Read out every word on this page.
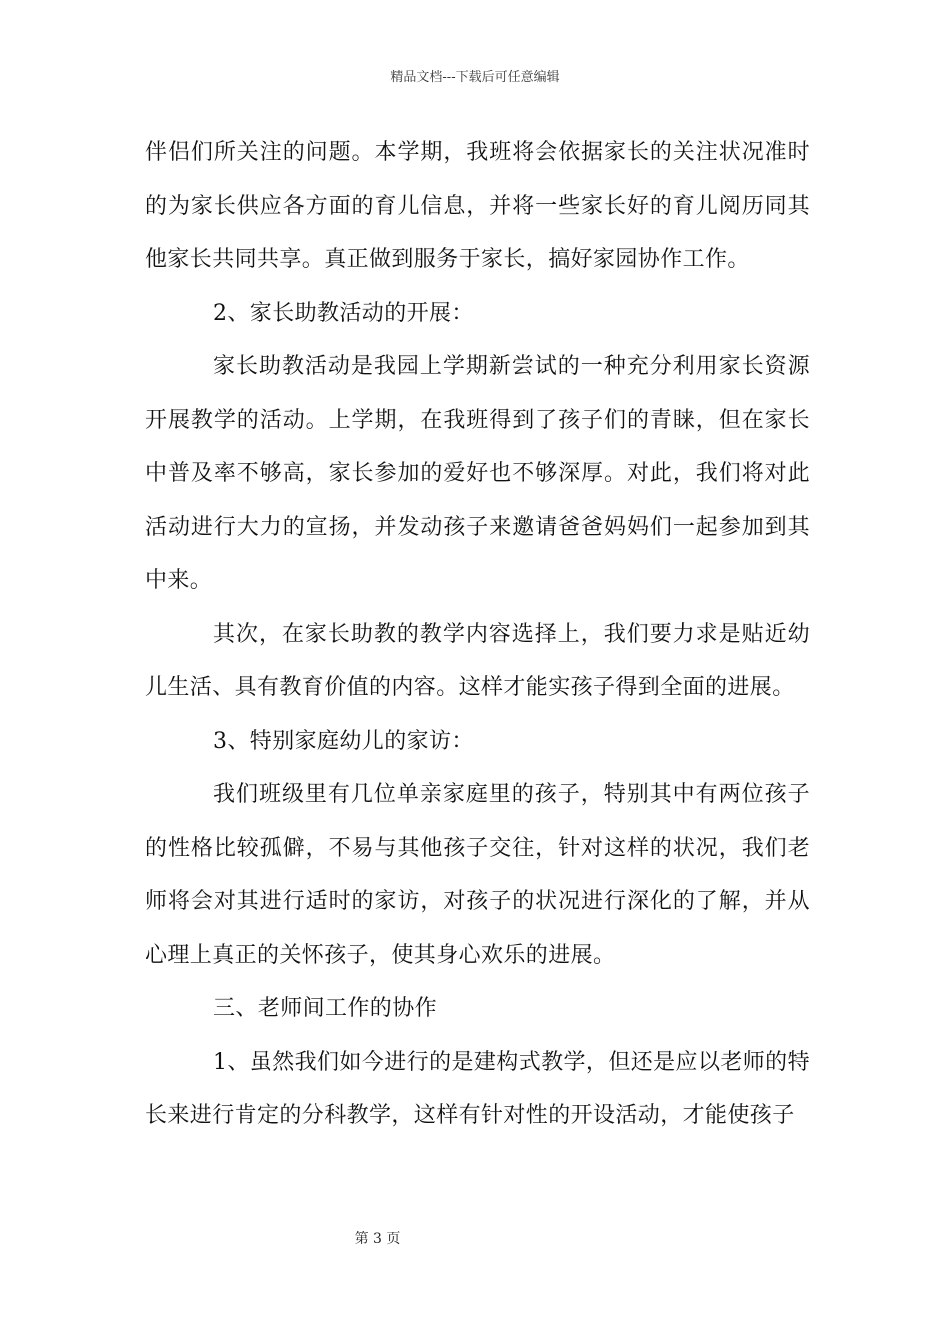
精品文档---下载后可任意编辑

伴侣们所关注的问题。本学期，我班将会依据家长的关注状况准时的为家长供应各方面的育儿信息，并将一些家长好的育儿阅历同其他家长共同共享。真正做到服务于家长，搞好家园协作工作。

2、家长助教活动的开展：

家长助教活动是我园上学期新尝试的一种充分利用家长资源开展教学的活动。上学期，在我班得到了孩子们的青睐，但在家长中普及率不够高，家长参加的爱好也不够深厚。对此，我们将对此活动进行大力的宣扬，并发动孩子来邀请爸爸妈妈们一起参加到其中来。

其次，在家长助教的教学内容选择上，我们要力求是贴近幼儿生活、具有教育价值的内容。这样才能实孩子得到全面的进展。

3、特别家庭幼儿的家访：

我们班级里有几位单亲家庭里的孩子，特别其中有两位孩子的性格比较孤僻，不易与其他孩子交往，针对这样的状况，我们老师将会对其进行适时的家访，对孩子的状况进行深化的了解，并从心理上真正的关怀孩子，使其身心欢乐的进展。

三、老师间工作的协作

1、虽然我们如今进行的是建构式教学，但还是应以老师的特长来进行肯定的分科教学，这样有针对性的开设活动，才能使孩子

第 3 页
